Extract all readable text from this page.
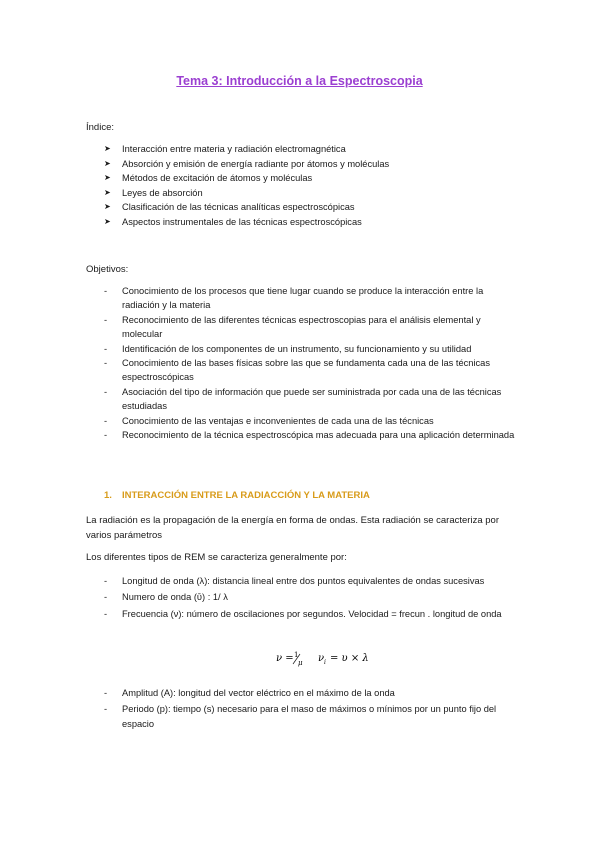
Tema 3: Introducción a la Espectroscopia
Índice:
➤ Interacción entre materia y radiación electromagnética
➤ Absorción y emisión de energía radiante por átomos y moléculas
➤ Métodos de excitación de átomos y moléculas
➤ Leyes de absorción
➤ Clasificación de las técnicas analíticas espectroscópicas
➤ Aspectos instrumentales de las técnicas espectroscópicas
Objetivos:
- Conocimiento de los procesos que tiene lugar cuando se produce la interacción entre la radiación y la materia
- Reconocimiento de las diferentes técnicas espectroscopias para el análisis elemental y molecular
- Identificación de los componentes de un instrumento, su funcionamiento y su utilidad
- Conocimiento de las bases físicas sobre las que se fundamenta cada una de las técnicas espectroscópicas
- Asociación del tipo de información que puede ser suministrada por cada una de las técnicas estudiadas
- Conocimiento de las ventajas e inconvenientes de cada una de las técnicas
- Reconocimiento de la técnica espectroscópica mas adecuada para una aplicación determinada
1. INTERACCIÓN ENTRE LA RADIACCIÓN Y LA MATERIA
La radiación es la propagación de la energía en forma de ondas. Esta radiación se caracteriza por varios parámetros
Los diferentes tipos de REM se caracteriza generalmente por:
- Longitud de onda (λ): distancia lineal entre dos puntos equivalentes de ondas sucesivas
- Numero de onda (ῡ) : 1/ λ
- Frecuencia (ν): número de oscilaciones por segundos. Velocidad = frecun . longitud de onda
ν = 1
μ ν i = υ × λ
- Amplitud (A): longitud del vector eléctrico en el máximo de la onda
- Periodo (p): tiempo (s) necesario para el maso de máximos o mínimos por un punto fijo del espacio
